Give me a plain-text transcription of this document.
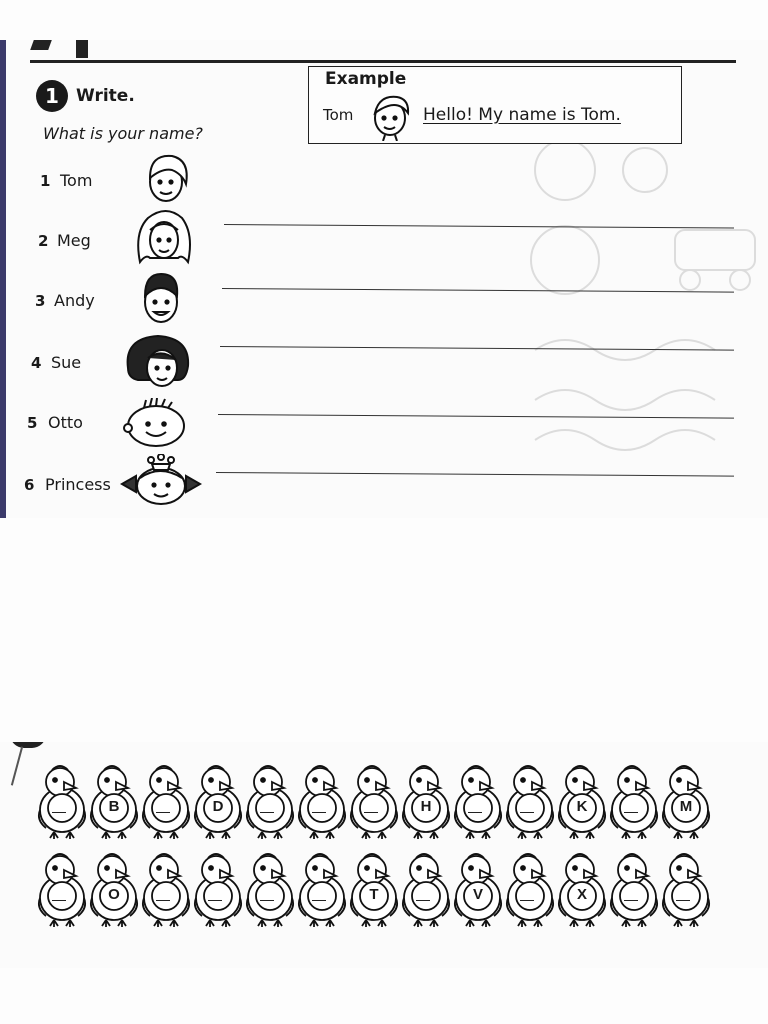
1	Write.
What is your name?
Example
Tom	Hello! My name is Tom.
1 Tom
2 Meg
3 Andy
4 Sue
5 Otto
6 Princess
B	D	H	K	M
O	T	V	X
